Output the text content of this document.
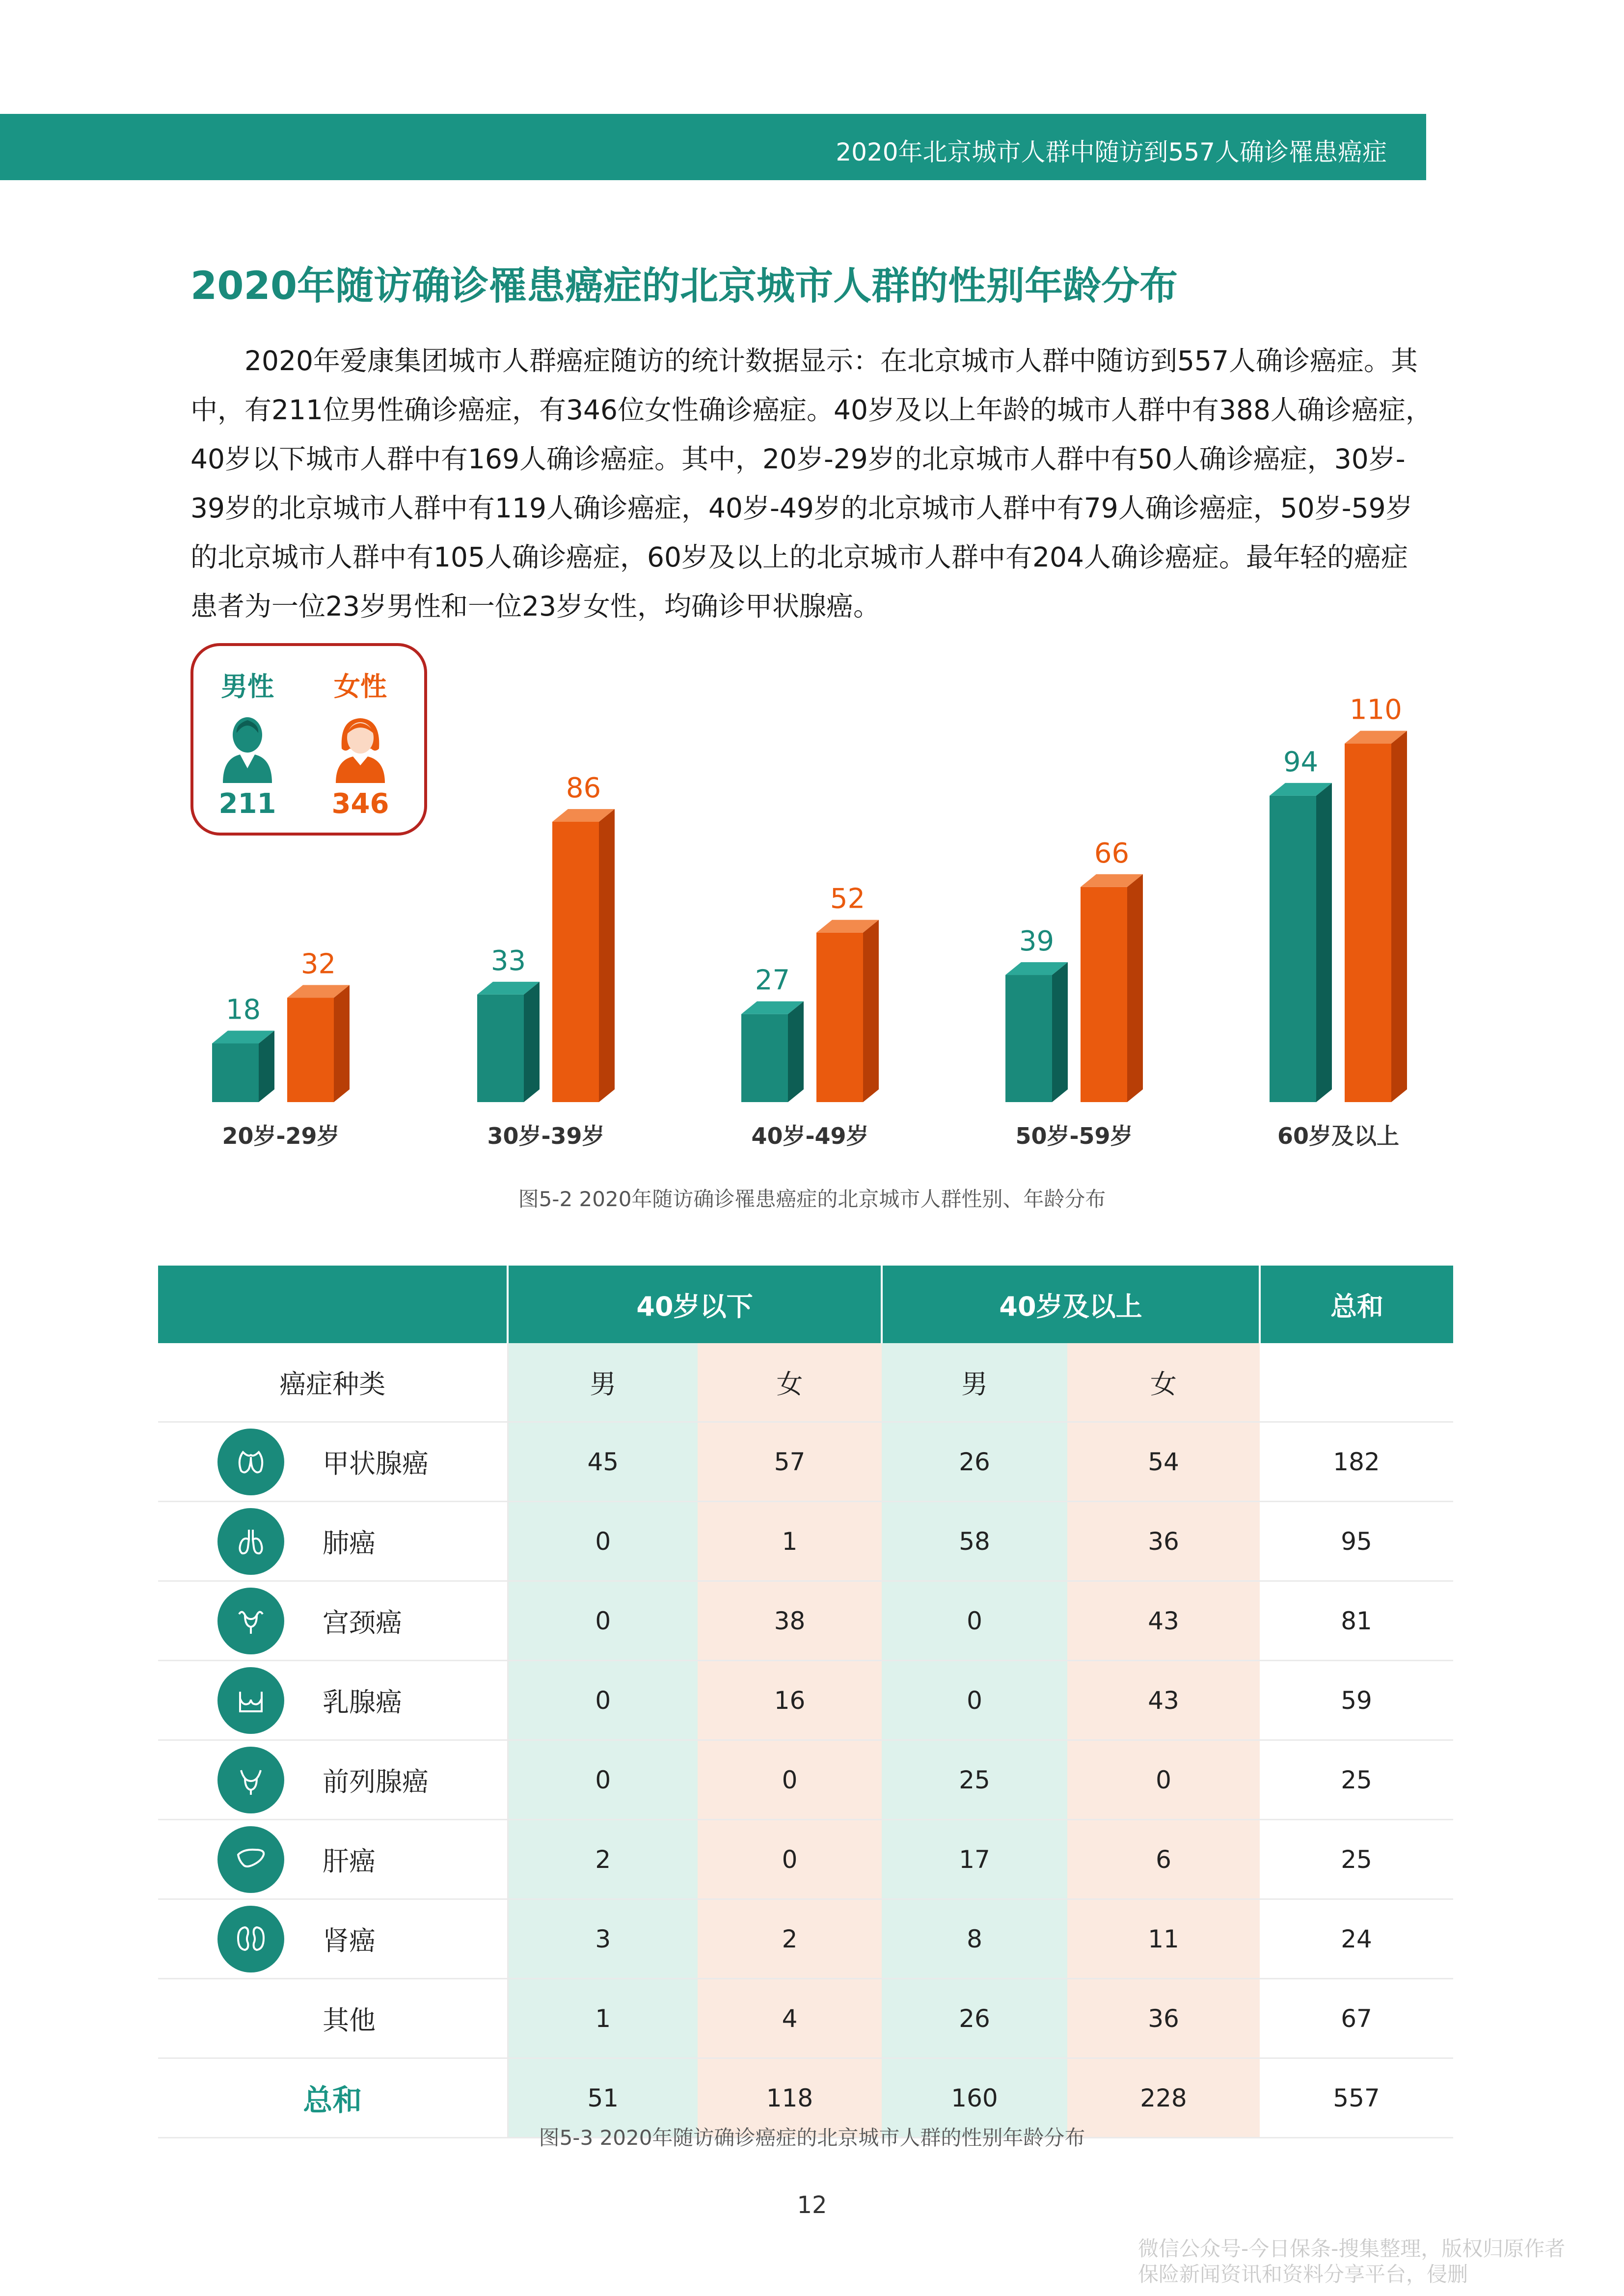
2020年北京城市人群中随访到557人确诊罹患癌症
2020年随访确诊罹患癌症的北京城市人群的性别年龄分布
　　2020年爱康集团城市人群癌症随访的统计数据显示：在北京城市人群中随访到557人确诊癌症。其
中，有211位男性确诊癌症，有346位女性确诊癌症。40岁及以上年龄的城市人群中有388人确诊癌症，
40岁以下城市人群中有169人确诊癌症。其中，20岁-29岁的北京城市人群中有50人确诊癌症，30岁-
39岁的北京城市人群中有119人确诊癌症，40岁-49岁的北京城市人群中有79人确诊癌症，50岁-59岁
的北京城市人群中有105人确诊癌症，60岁及以上的北京城市人群中有204人确诊癌症。最年轻的癌症
患者为一位23岁男性和一位23岁女性，均确诊甲状腺癌。
18
32
20岁-29岁
33
86
30岁-39岁
27
52
40岁-49岁
39
66
50岁-59岁
94
110
60岁及以上
男性
211
女性
346
图5-2 2020年随访确诊罹患癌症的北京城市人群性别、年龄分布
	40岁以下		40岁及以上		总和
癌症种类	男	女	男	女	

甲状腺癌	45	57	26	54	182

肺癌	0	1	58	36	95

宫颈癌	0	38	0	43	81

乳腺癌	0	16	0	43	59

前列腺癌	0	0	25	0	25

肝癌	2	0	17	6	25

肾癌	3	2	8	11	24

其他	1	4	26	36	67
总和	51	118	160	228	557
图5-3 2020年随访确诊癌症的北京城市人群的性别年龄分布
12
微信公众号-今日保条-搜集整理，版权归原作者
保险新闻资讯和资料分享平台，侵删
